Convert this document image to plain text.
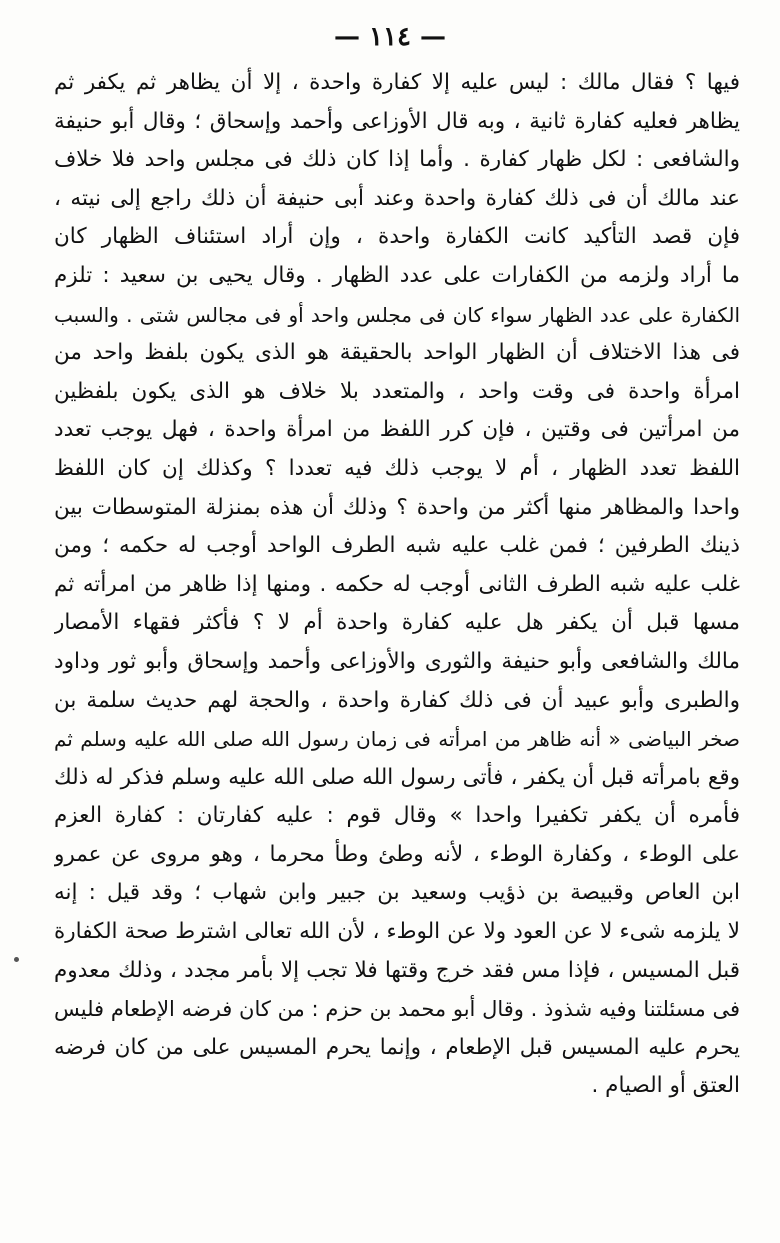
— ١١٤ —
فيها ؟ فقال مالك : ليس عليه إلا كفارة واحدة ، إلا أن يظاهر ثم يكفر ثم
يظاهر فعليه كفارة ثانية ، وبه قال الأوزاعى وأحمد وإسحاق ؛ وقال أبو حنيفة
والشافعى : لكل ظهار كفارة . وأما إذا كان ذلك فى مجلس واحد فلا خلاف
عند مالك أن فى ذلك كفارة واحدة وعند أبى حنيفة أن ذلك راجع إلى نيته ،
فإن قصد التأكيد كانت الكفارة واحدة ، وإن أراد استئناف الظهار كان
ما أراد ولزمه من الكفارات على عدد الظهار . وقال يحيى بن سعيد : تلزم
الكفارة على عدد الظهار سواء كان فى مجلس واحد أو فى مجالس شتى . والسبب
فى هذا الاختلاف أن الظهار الواحد بالحقيقة هو الذى يكون بلفظ واحد من
امرأة واحدة فى وقت واحد ، والمتعدد بلا خلاف هو الذى يكون بلفظين
من امرأتين فى وقتين ، فإن كرر اللفظ من امرأة واحدة ، فهل يوجب تعدد
اللفظ تعدد الظهار ، أم لا يوجب ذلك فيه تعددا ؟ وكذلك إن كان اللفظ
واحدا والمظاهر منها أكثر من واحدة ؟ وذلك أن هذه بمنزلة المتوسطات بين
ذينك الطرفين ؛ فمن غلب عليه شبه الطرف الواحد أوجب له حكمه ؛ ومن
غلب عليه شبه الطرف الثانى أوجب له حكمه . ومنها إذا ظاهر من امرأته ثم
مسها قبل أن يكفر هل عليه كفارة واحدة أم لا ؟ فأكثر فقهاء الأمصار
مالك والشافعى وأبو حنيفة والثورى والأوزاعى وأحمد وإسحاق وأبو ثور وداود
والطبرى وأبو عبيد أن فى ذلك كفارة واحدة ، والحجة لهم حديث سلمة بن
صخر البياضى « أنه ظاهر من امرأته فى زمان رسول الله صلى الله عليه وسلم ثم
وقع بامرأته قبل أن يكفر ، فأتى رسول الله صلى الله عليه وسلم فذكر له ذلك
فأمره أن يكفر تكفيرا واحدا » وقال قوم : عليه كفارتان : كفارة العزم
على الوطء ، وكفارة الوطء ، لأنه وطئ وطأ محرما ، وهو مروى عن عمرو
ابن العاص وقبيصة بن ذؤيب وسعيد بن جبير وابن شهاب ؛ وقد قيل : إنه
لا يلزمه شىء لا عن العود ولا عن الوطء ، لأن الله تعالى اشترط صحة الكفارة
قبل المسيس ، فإذا مس فقد خرج وقتها فلا تجب إلا بأمر مجدد ، وذلك معدوم
فى مسئلتنا وفيه شذوذ . وقال أبو محمد بن حزم : من كان فرضه الإطعام فليس
يحرم عليه المسيس قبل الإطعام ، وإنما يحرم المسيس على من كان فرضه
العتق أو الصيام .
